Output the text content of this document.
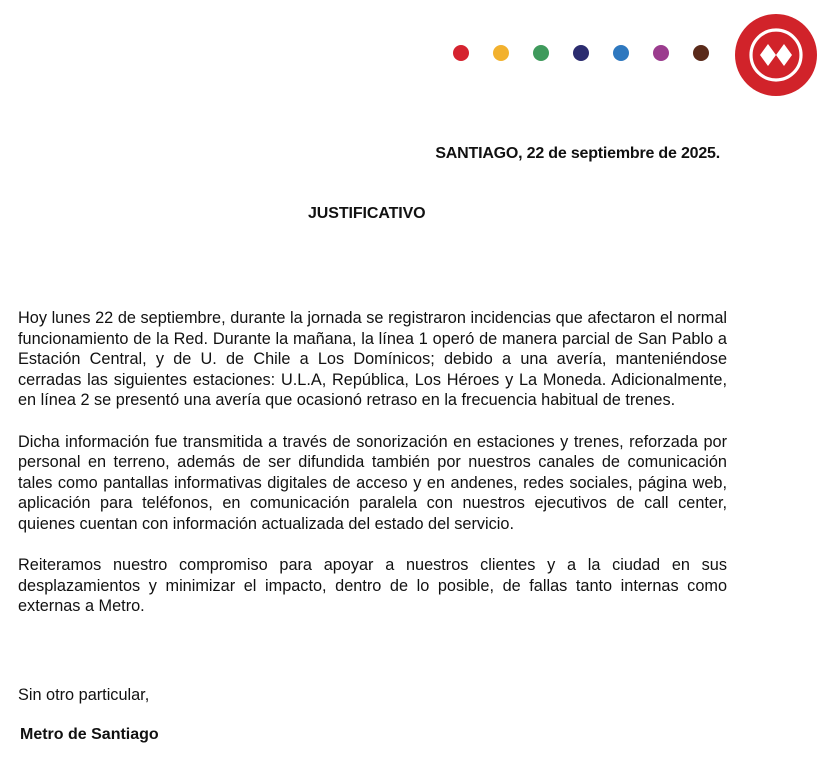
SANTIAGO, 22 de septiembre de 2025.
JUSTIFICATIVO

Hoy lunes 22 de septiembre, durante la jornada se registraron incidencias que afectaron el normal funcionamiento de la Red. Durante la mañana, la línea 1 operó de manera parcial de San Pablo a Estación Central, y de U. de Chile a Los Domínicos; debido a una avería, manteniéndose cerradas las siguientes estaciones: U.L.A, República, Los Héroes y La Moneda. Adicionalmente, en línea 2 se presentó una avería que ocasionó retraso en la frecuencia habitual de trenes.

Dicha información fue transmitida a través de sonorización en estaciones y trenes, reforzada por personal en terreno, además de ser difundida también por nuestros canales de comunicación tales como pantallas informativas digitales de acceso y en andenes, redes sociales, página web, aplicación para teléfonos, en comunicación paralela con nuestros ejecutivos de call center, quienes cuentan con información actualizada del estado del servicio.

Reiteramos nuestro compromiso para apoyar a nuestros clientes y a la ciudad en sus desplazamientos y minimizar el impacto, dentro de lo posible, de fallas tanto internas como externas a Metro.

Sin otro particular,
Metro de Santiago
